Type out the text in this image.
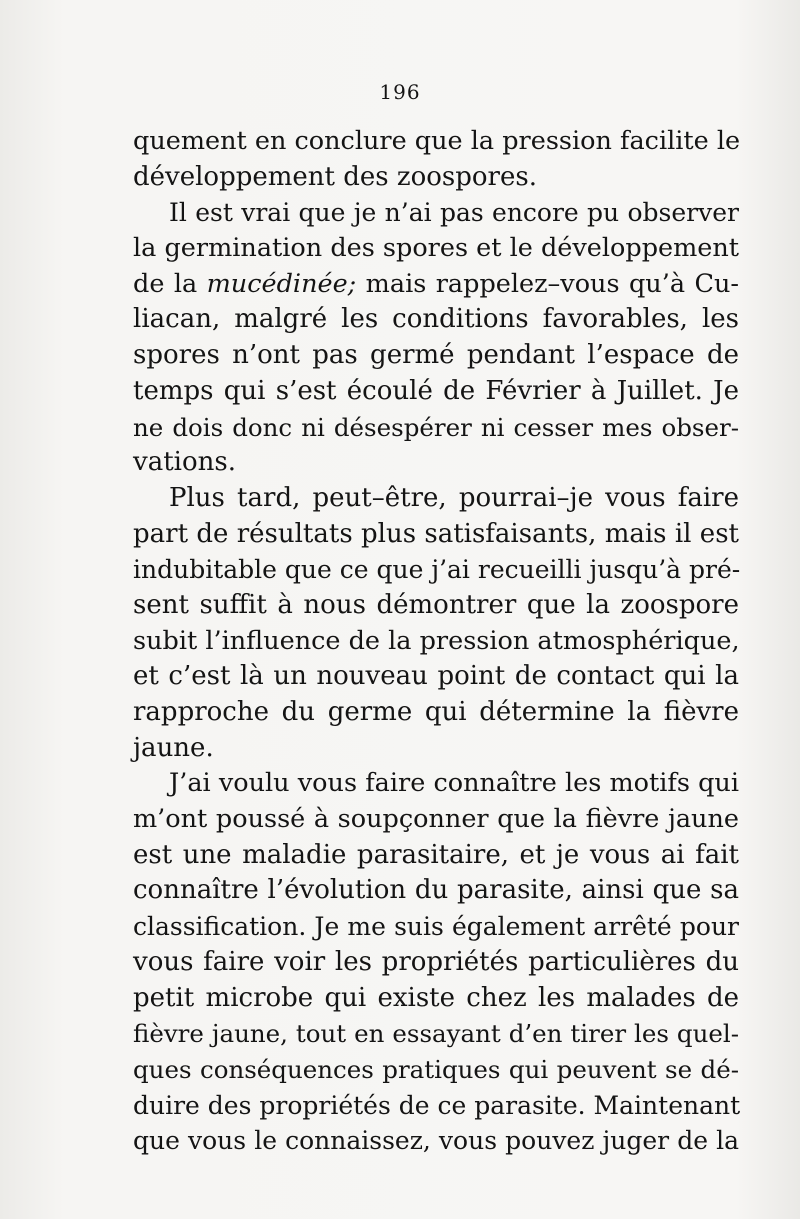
196
quement en conclure que la pression facilite le
développement des zoospores.
Il est vrai que je n’ai pas encore pu observer
la germination des spores et le développement
de la mucédinée; mais rappelez–vous qu’à Cu-
liacan, malgré les conditions favorables, les
spores n’ont pas germé pendant l’espace de
temps qui s’est écoulé de Février à Juillet. Je
ne dois donc ni désespérer ni cesser mes obser-
vations.
Plus tard, peut–être, pourrai–je vous faire
part de résultats plus satisfaisants, mais il est
indubitable que ce que j’ai recueilli jusqu’à pré-
sent suffit à nous démontrer que la zoospore
subit l’influence de la pression atmosphérique,
et c’est là un nouveau point de contact qui la
rapproche du germe qui détermine la fièvre
jaune.
J’ai voulu vous faire connaître les motifs qui
m’ont poussé à soupçonner que la fièvre jaune
est une maladie parasitaire, et je vous ai fait
connaître l’évolution du parasite, ainsi que sa
classification. Je me suis également arrêté pour
vous faire voir les propriétés particulières du
petit microbe qui existe chez les malades de
fièvre jaune, tout en essayant d’en tirer les quel-
ques conséquences pratiques qui peuvent se dé-
duire des propriétés de ce parasite. Maintenant
que vous le connaissez, vous pouvez juger de la
